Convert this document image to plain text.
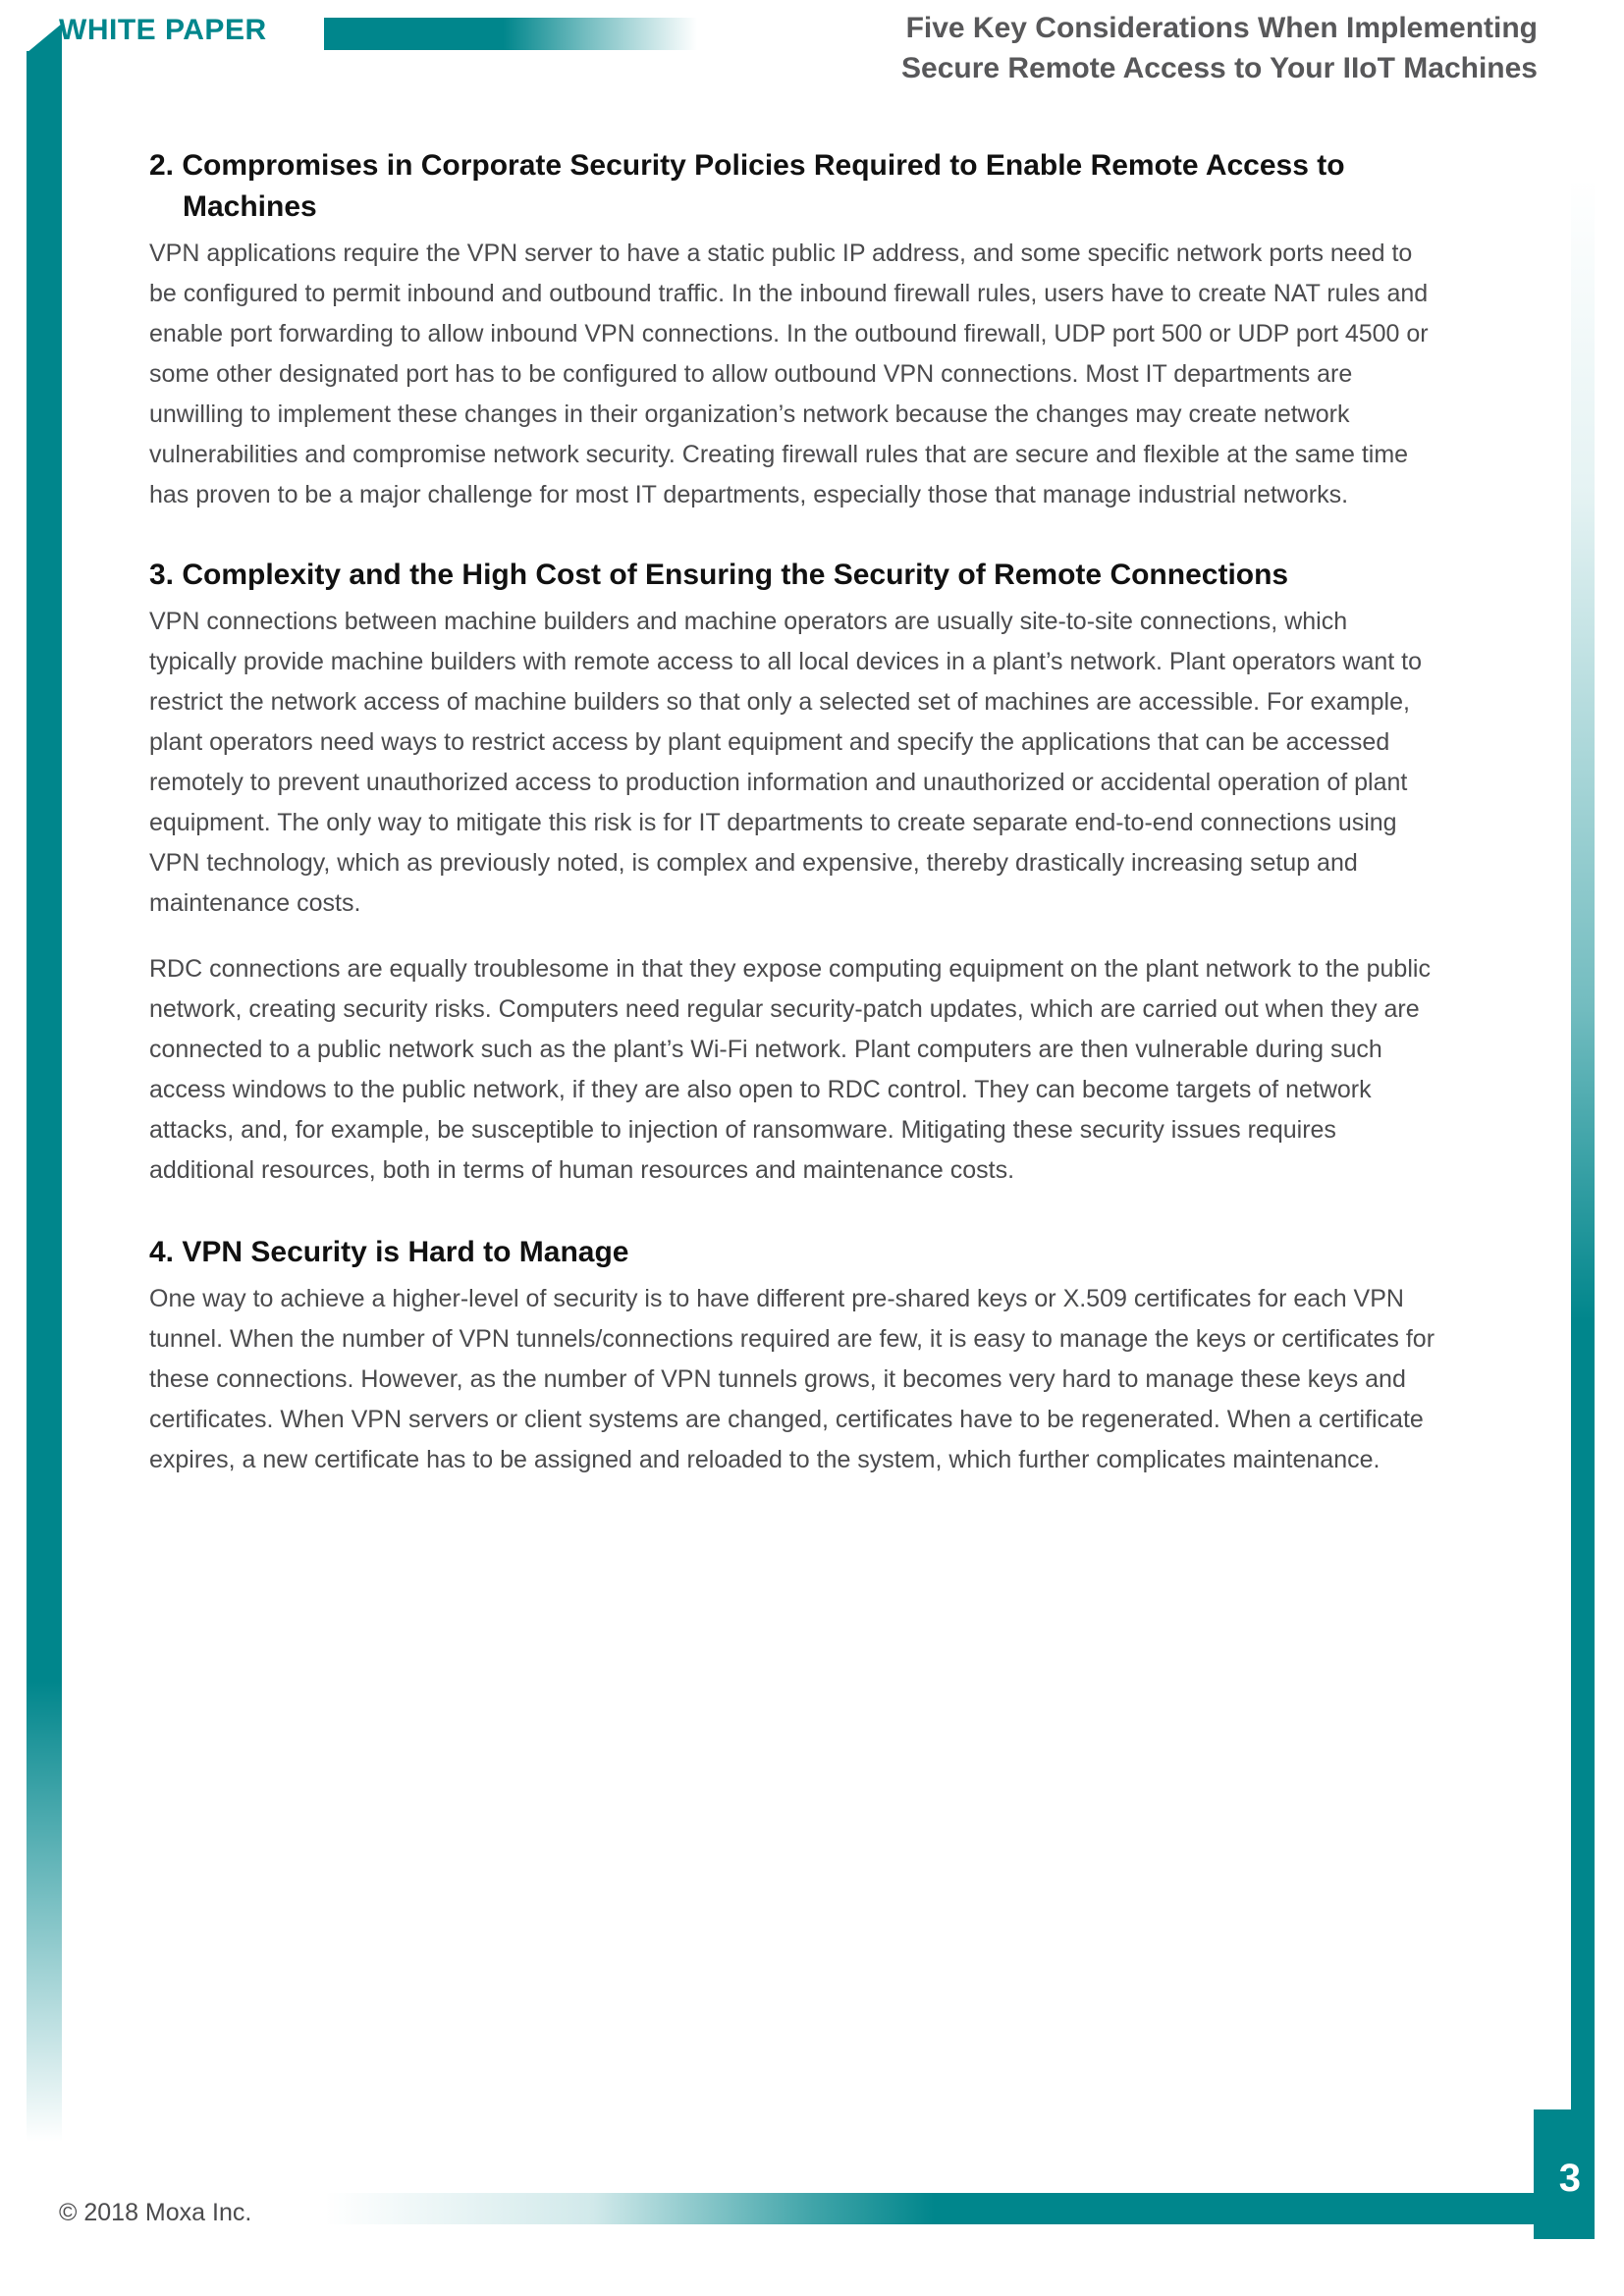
WHITE PAPER	Five Key Considerations When Implementing
Secure Remote Access to Your IIoT Machines
2. Compromises in Corporate Security Policies Required to Enable Remote Access to Machines

VPN applications require the VPN server to have a static public IP address, and some specific network ports need to be configured to permit inbound and outbound traffic. In the inbound firewall rules, users have to create NAT rules and enable port forwarding to allow inbound VPN connections. In the outbound firewall, UDP port 500 or UDP port 4500 or some other designated port has to be configured to allow outbound VPN connections. Most IT departments are unwilling to implement these changes in their organization’s network because the changes may create network vulnerabilities and compromise network security. Creating firewall rules that are secure and flexible at the same time has proven to be a major challenge for most IT departments, especially those that manage industrial networks.

3. Complexity and the High Cost of Ensuring the Security of Remote Connections

VPN connections between machine builders and machine operators are usually site-to-site connections, which typically provide machine builders with remote access to all local devices in a plant’s network. Plant operators want to restrict the network access of machine builders so that only a selected set of machines are accessible. For example, plant operators need ways to restrict access by plant equipment and specify the applications that can be accessed remotely to prevent unauthorized access to production information and unauthorized or accidental operation of plant equipment. The only way to mitigate this risk is for IT departments to create separate end-to-end connections using VPN technology, which as previously noted, is complex and expensive, thereby drastically increasing setup and maintenance costs.

RDC connections are equally troublesome in that they expose computing equipment on the plant network to the public network, creating security risks. Computers need regular security-patch updates, which are carried out when they are connected to a public network such as the plant’s Wi-Fi network. Plant computers are then vulnerable during such access windows to the public network, if they are also open to RDC control. They can become targets of network attacks, and, for example, be susceptible to injection of ransomware. Mitigating these security issues requires additional resources, both in terms of human resources and maintenance costs.

4. VPN Security is Hard to Manage

One way to achieve a higher-level of security is to have different pre-shared keys or X.509 certificates for each VPN tunnel. When the number of VPN tunnels/connections required are few, it is easy to manage the keys or certificates for these connections. However, as the number of VPN tunnels grows, it becomes very hard to manage these keys and certificates. When VPN servers or client systems are changed, certificates have to be regenerated. When a certificate expires, a new certificate has to be assigned and reloaded to the system, which further complicates maintenance.

© 2018 Moxa Inc.
3
